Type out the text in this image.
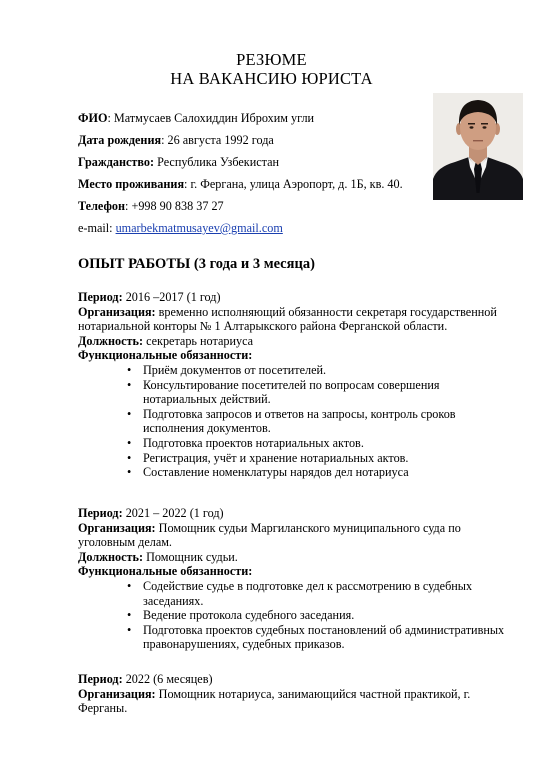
РЕЗЮМЕ
НА ВАКАНСИЮ ЮРИСТА
ФИО: Матмусаев Салохиддин Иброхим угли
Дата рождения: 26 августа 1992 года
Гражданство: Республика Узбекистан
Место проживания: г. Фергана, улица Аэропорт, д. 1Б, кв. 40.
Телефон: +998 90 838 37 27
e-mail: umarbekmatmusayev@gmail.com
ОПЫТ РАБОТЫ (3 года и 3 месяца)

Период: 2016 –2017 (1 год)

Организация: временно исполняющий обязанности секретаря государственной нотариальной конторы № 1 Алтарыкского района Ферганской области.

Должность: секретарь нотариуса

Функциональные обязанности:

• Приём документов от посетителей.
• Консультирование посетителей по вопросам совершения нотариальных действий.
• Подготовка запросов и ответов на запросы, контроль сроков исполнения документов.
• Подготовка проектов нотариальных актов.
• Регистрация, учёт и хранение нотариальных актов.
• Составление номенклатуры нарядов дел нотариуса

Период: 2021 – 2022 (1 год)

Организация: Помощник судьи Маргиланского муниципального суда по уголовным делам.

Должность: Помощник судьи.

Функциональные обязанности:

• Содействие судье в подготовке дел к рассмотрению в судебных заседаниях.
• Ведение протокола судебного заседания.
• Подготовка проектов судебных постановлений об административных правонарушениях, судебных приказов.

Период: 2022 (6 месяцев)

Организация: Помощник нотариуса, занимающийся частной практикой, г. Ферганы.
